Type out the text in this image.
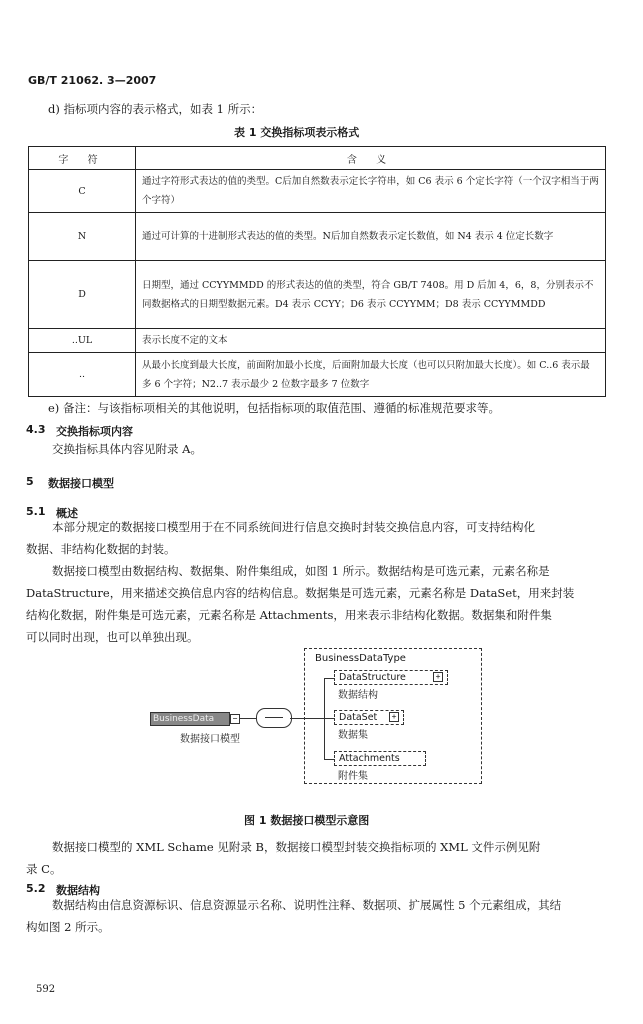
GB/T 21062. 3—2007
d) 指标项内容的表示格式，如表 1 所示：
表 1 交换指标项表示格式
字 符	含 义
C	通过字符形式表达的值的类型。C后加自然数表示定长字符串，如 C6 表示 6 个定长字符（一个汉字相当于两个字符）
N	通过可计算的十进制形式表达的值的类型。N后加自然数表示定长数值，如 N4 表示 4 位定长数字
D	日期型，通过 CCYYMMDD 的形式表达的值的类型，符合 GB/T 7408。用 D 后加 4，6，8，分别表示不同数据格式的日期型数据元素。D4 表示 CCYY；D6 表示 CCYYMM；D8 表示 CCYYMMDD
..UL	表示长度不定的文本
..	从最小长度到最大长度，前面附加最小长度，后面附加最大长度（也可以只附加最大长度）。如 C..6 表示最多 6 个字符；N2..7 表示最少 2 位数字最多 7 位数字
e) 备注：与该指标项相关的其他说明，包括指标项的取值范围、遵循的标准规范要求等。
4.3 交换指标项内容
交换指标具体内容见附录 A。
5 数据接口模型
5.1 概述
本部分规定的数据接口模型用于在不同系统间进行信息交换时封装交换信息内容，可支持结构化
数据、非结构化数据的封装。
数据接口模型由数据结构、数据集、附件集组成，如图 1 所示。数据结构是可选元素，元素名称是
DataStructure，用来描述交换信息内容的结构信息。数据集是可选元素，元素名称是 DataSet，用来封装
结构化数据，附件集是可选元素，元素名称是 Attachments，用来表示非结构化数据。数据集和附件集
可以同时出现，也可以单独出现。
BusinessDataType
BusinessData	−
数据接口模型
DataStructure	+
数据结构
DataSet	+
数据集
Attachments
附件集
图 1 数据接口模型示意图
数据接口模型的 XML Schame 见附录 B，数据接口模型封装交换指标项的 XML 文件示例见附
录 C。
5.2 数据结构
数据结构由信息资源标识、信息资源显示名称、说明性注释、数据项、扩展属性 5 个元素组成，其结
构如图 2 所示。
592
